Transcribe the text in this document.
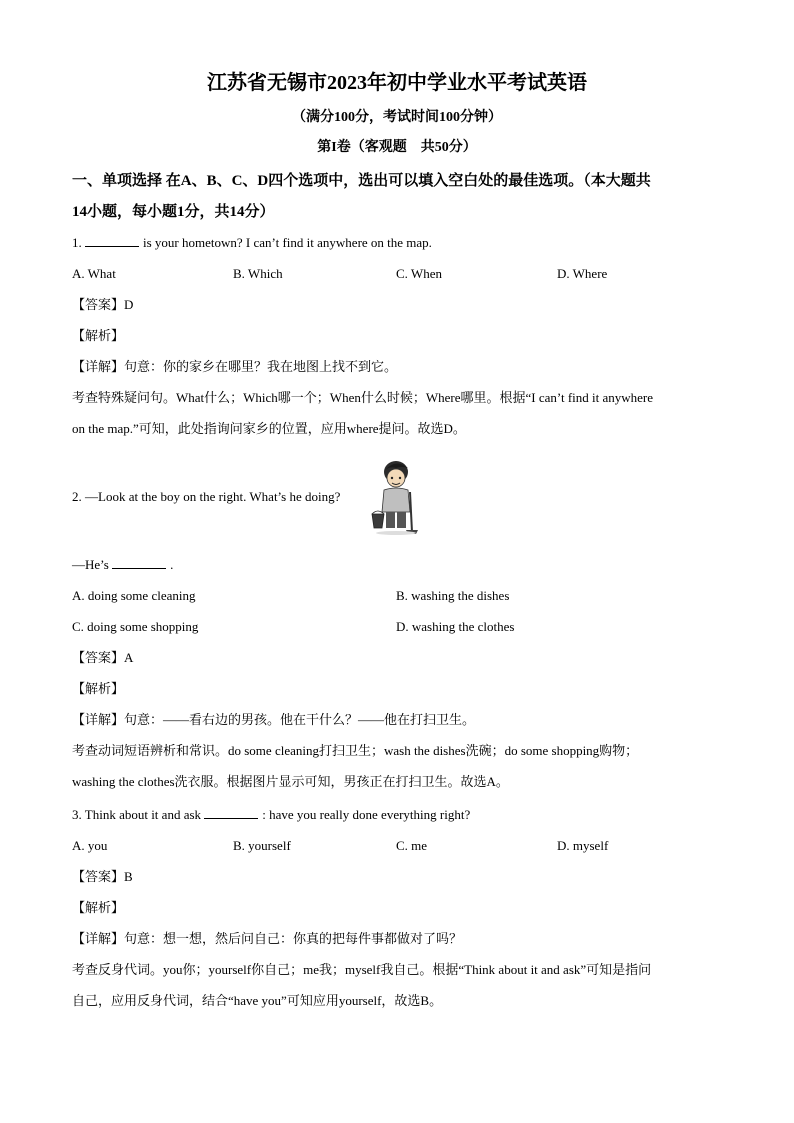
江苏省无锡市2023年初中学业水平考试英语
（满分100分，考试时间100分钟）
第I卷（客观题　共50分）
一、单项选择 在A、B、C、D四个选项中，选出可以填入空白处的最佳选项。（本大题共
14小题，每小题1分，共14分）
1.	is your hometown? I can’t find it anywhere on the map.
A. What	B. Which	C. When	D. Where
【答案】D
【解析】
【详解】句意：你的家乡在哪里？我在地图上找不到它。
考查特殊疑问句。What什么；Which哪一个；When什么时候；Where哪里。根据“I can’t find it anywhere
on the map.”可知，此处指询问家乡的位置，应用where提问。故选D。
2. —Look at the boy on the right. What’s he doing?
—He’s	.
A. doing some cleaning	B. washing the dishes
C. doing some shopping	D. washing the clothes
【答案】A
【解析】
【详解】句意：——看右边的男孩。他在干什么？——他在打扫卫生。
考查动词短语辨析和常识。do some cleaning打扫卫生；wash the dishes洗碗；do some shopping购物；
washing the clothes洗衣服。根据图片显示可知，男孩正在打扫卫生。故选A。
3. Think about it and ask	: have you really done everything right?
A. you	B. yourself	C. me	D. myself
【答案】B
【解析】
【详解】句意：想一想，然后问自己：你真的把每件事都做对了吗？
考查反身代词。you你；yourself你自己；me我；myself我自己。根据“Think about it and ask”可知是指问
自己，应用反身代词，结合“have you”可知应用yourself，故选B。
